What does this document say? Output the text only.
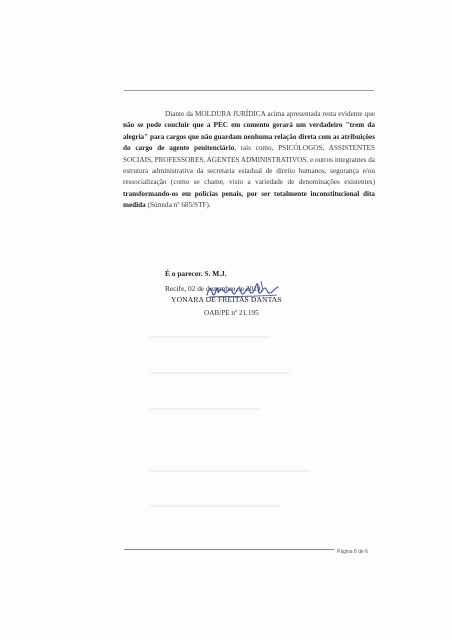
Diante da MOLDURA JURÍDICA acima apresentada resta evidente que não se pode concluir que a PEC em comento gerará um verdadeiro "trem da alegria" para cargos que não guardam nenhuma relação direta com as atribuições do cargo de agente penitenciário, tais como, PSICÓLOGOS, ASSISTENTES SOCIAIS, PROFESSORES, AGENTES ADMINISTRATIVOS, e outros integrantes da estrutura administrativa da secretaria estadual de direito humanos, segurança e/ou ressocialização (como se chame, visto a variedade de denominações existentes) transformando-os em policias penais, por ser totalmente inconstitucional dita medida (Súmula nº 685/STF).

É o parecer. S. M.J.
Recife, 02 de dezembro de 2019.
YONARA DE FREITAS DANTAS
OAB/PE nº 21.195
Página 6 de 6
